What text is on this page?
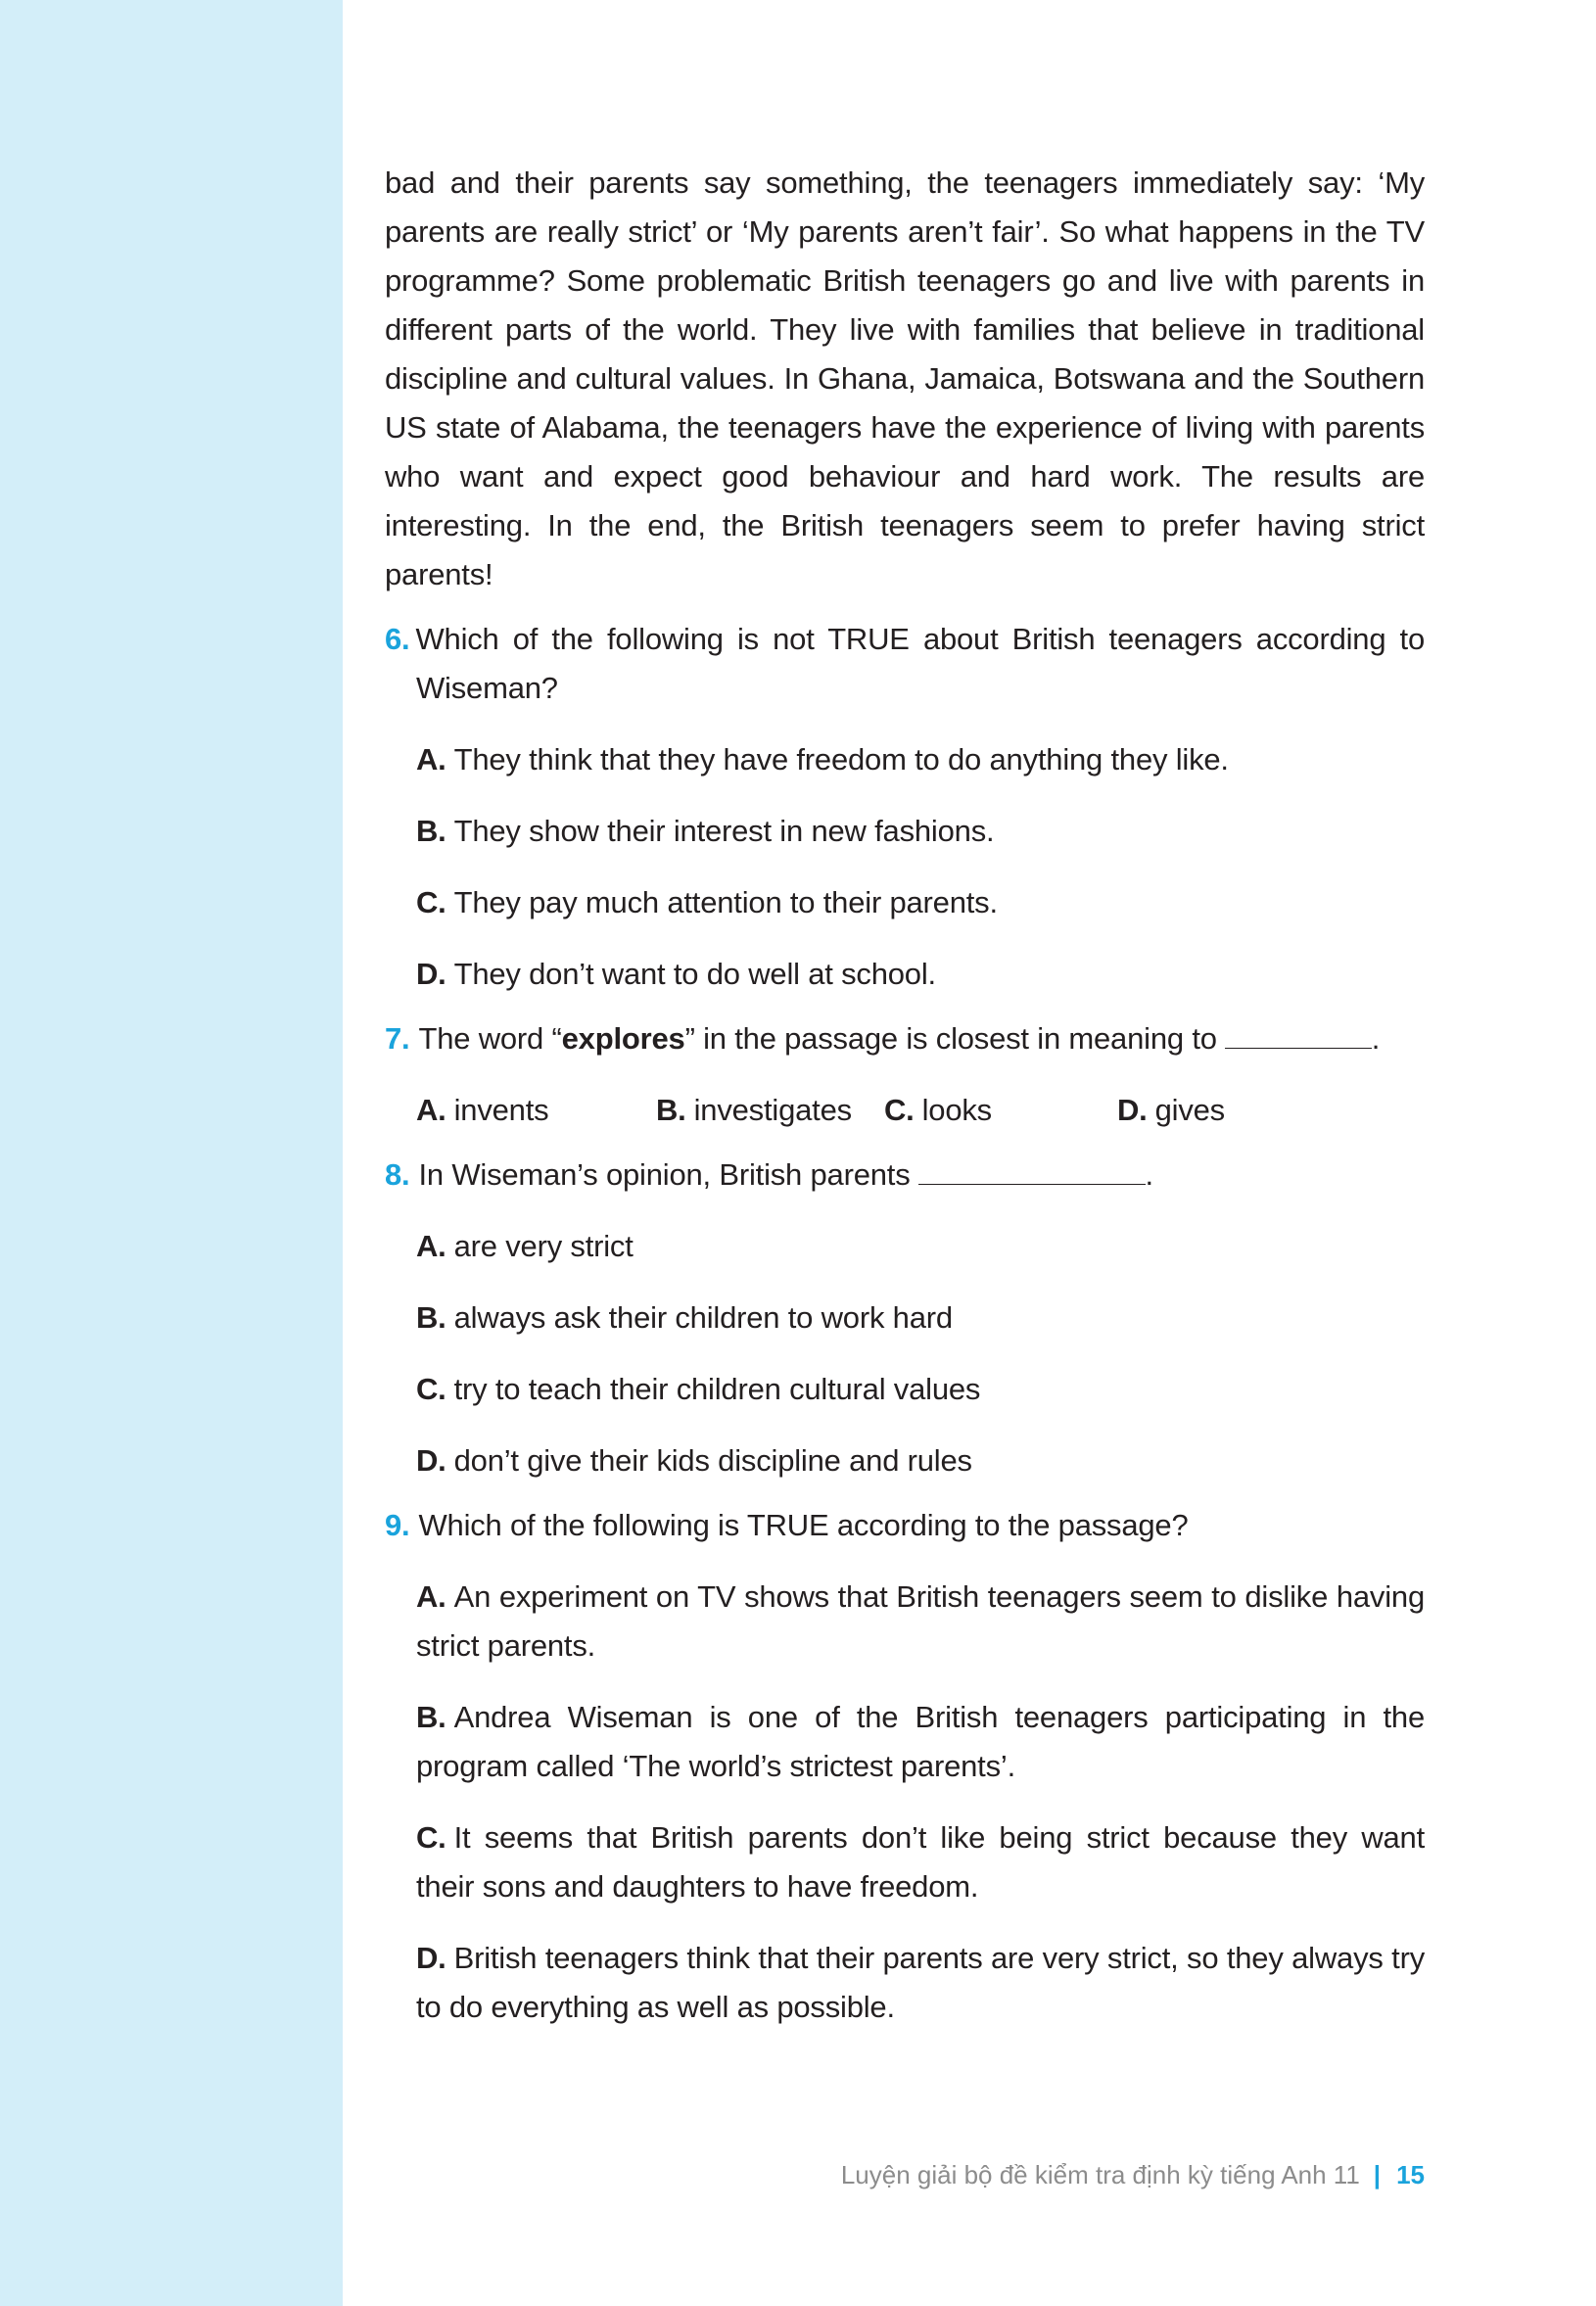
bad and their parents say something, the teenagers immediately say: ‘My parents are really strict’ or ‘My parents aren’t fair’. So what happens in the TV programme? Some problematic British teenagers go and live with parents in different parts of the world. They live with families that believe in traditional discipline and cultural values. In Ghana, Jamaica, Botswana and the Southern US state of Alabama, the teenagers have the experience of living with parents who want and expect good behaviour and hard work. The results are interesting. In the end, the British teenagers seem to prefer having strict parents!

6. Which of the following is not TRUE about British teenagers according to Wiseman?
A. They think that they have freedom to do anything they like.
B. They show their interest in new fashions.
C. They pay much attention to their parents.
D. They don’t want to do well at school.
7. The word “explores” in the passage is closest in meaning to	.
A. invents	B. investigates	C. looks	D. gives
8. In Wiseman’s opinion, British parents	.
A. are very strict
B. always ask their children to work hard
C. try to teach their children cultural values
D. don’t give their kids discipline and rules
9. Which of the following is TRUE according to the passage?
A. An experiment on TV shows that British teenagers seem to dislike having strict parents.
B. Andrea Wiseman is one of the British teenagers participating in the program called ‘The world’s strictest parents’.
C. It seems that British parents don’t like being strict because they want their sons and daughters to have freedom.
D. British teenagers think that their parents are very strict, so they always try to do everything as well as possible.
Luyện giải bộ đề kiểm tra định kỳ tiếng Anh 11 | 15
